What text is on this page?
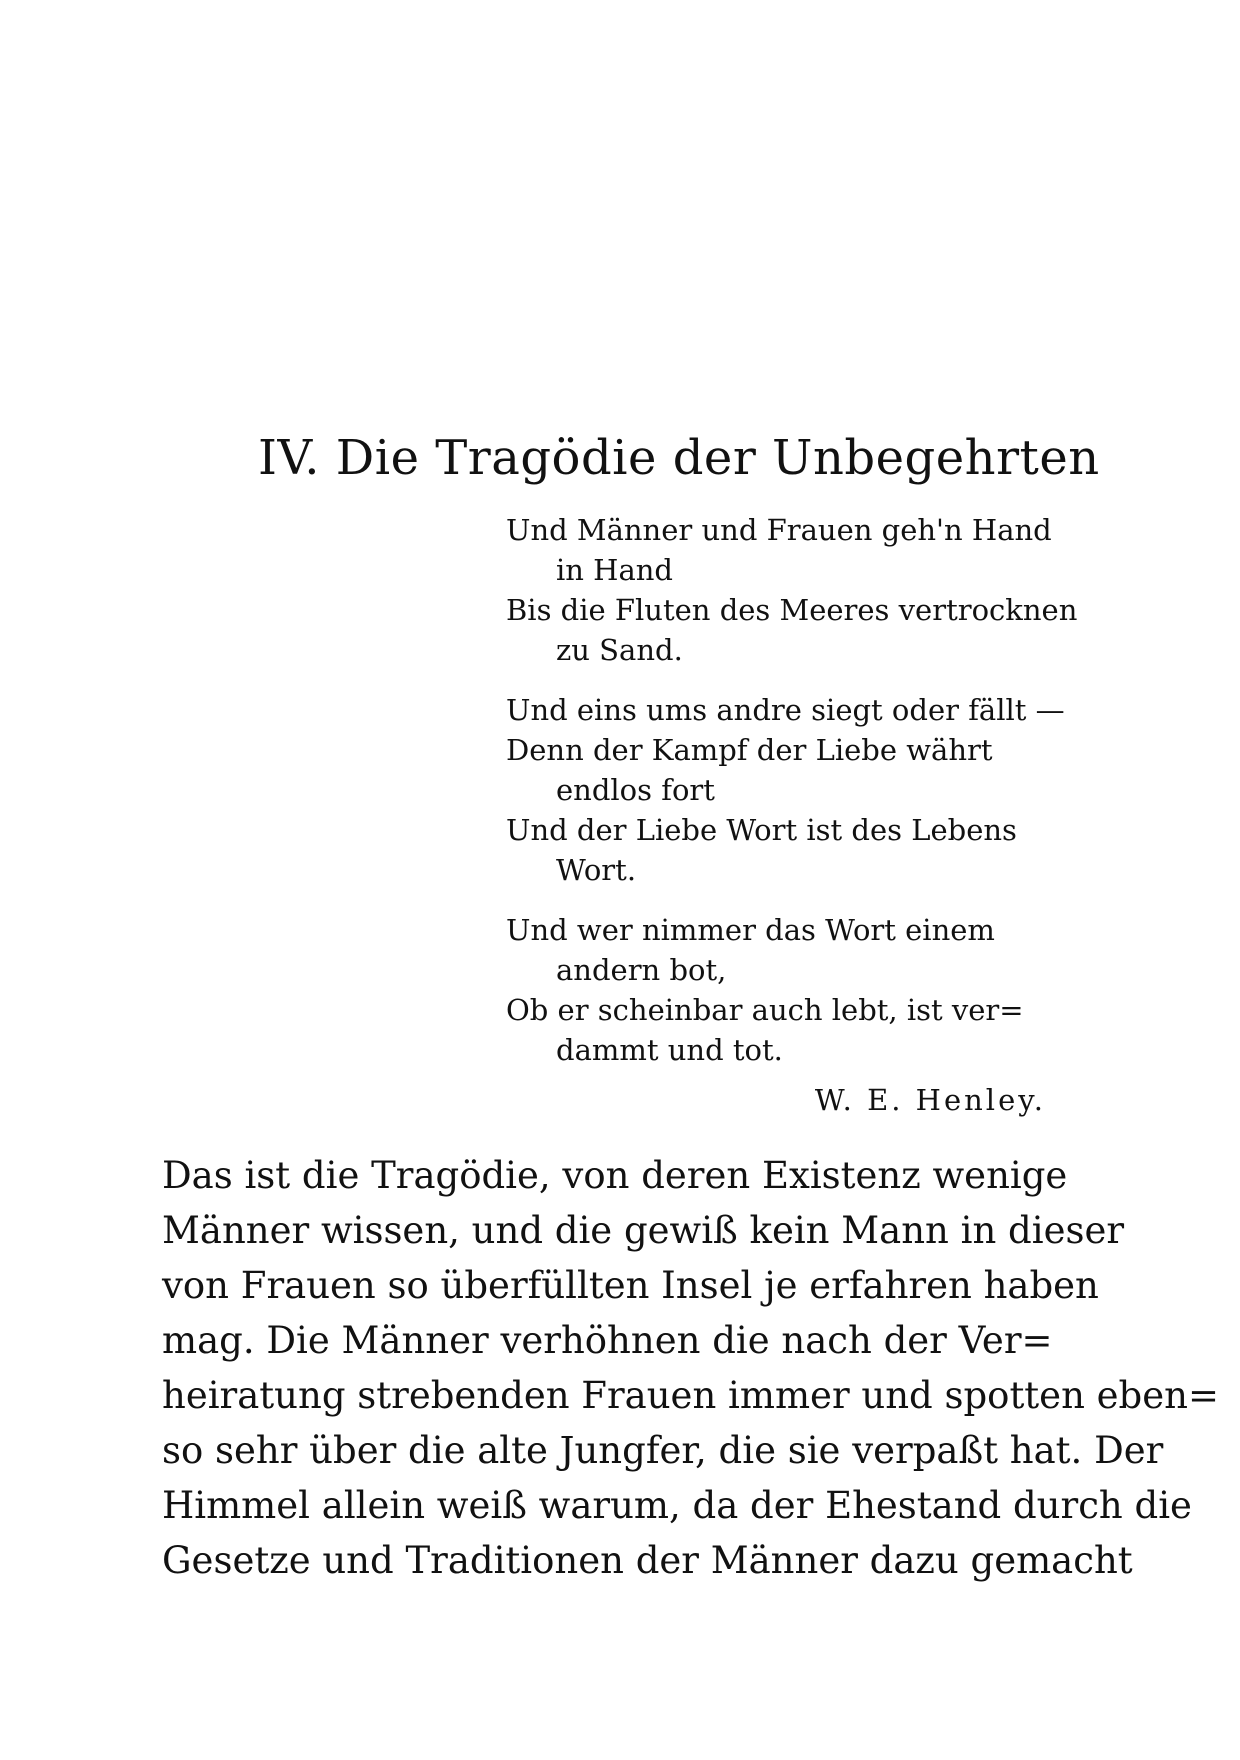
IV. Die Tragödie der Unbegehrten
Und Männer und Frauen geh'n Hand
in Hand
Bis die Fluten des Meeres vertrocknen
zu Sand.
Und eins ums andre siegt oder fällt —
Denn der Kampf der Liebe währt
endlos fort
Und der Liebe Wort ist des Lebens
Wort.
Und wer nimmer das Wort einem
andern bot,
Ob er scheinbar auch lebt, ist ver=
dammt und tot.
W. E. Henley.

Das ist die Tragödie, von deren Existenz wenige
Männer wissen, und die gewiß kein Mann in dieser
von Frauen so überfüllten Insel je erfahren haben
mag. Die Männer verhöhnen die nach der Ver=
heiratung strebenden Frauen immer und spotten eben=
so sehr über die alte Jungfer, die sie verpaßt hat. Der
Himmel allein weiß warum, da der Ehestand durch die
Gesetze und Traditionen der Männer dazu gemacht
